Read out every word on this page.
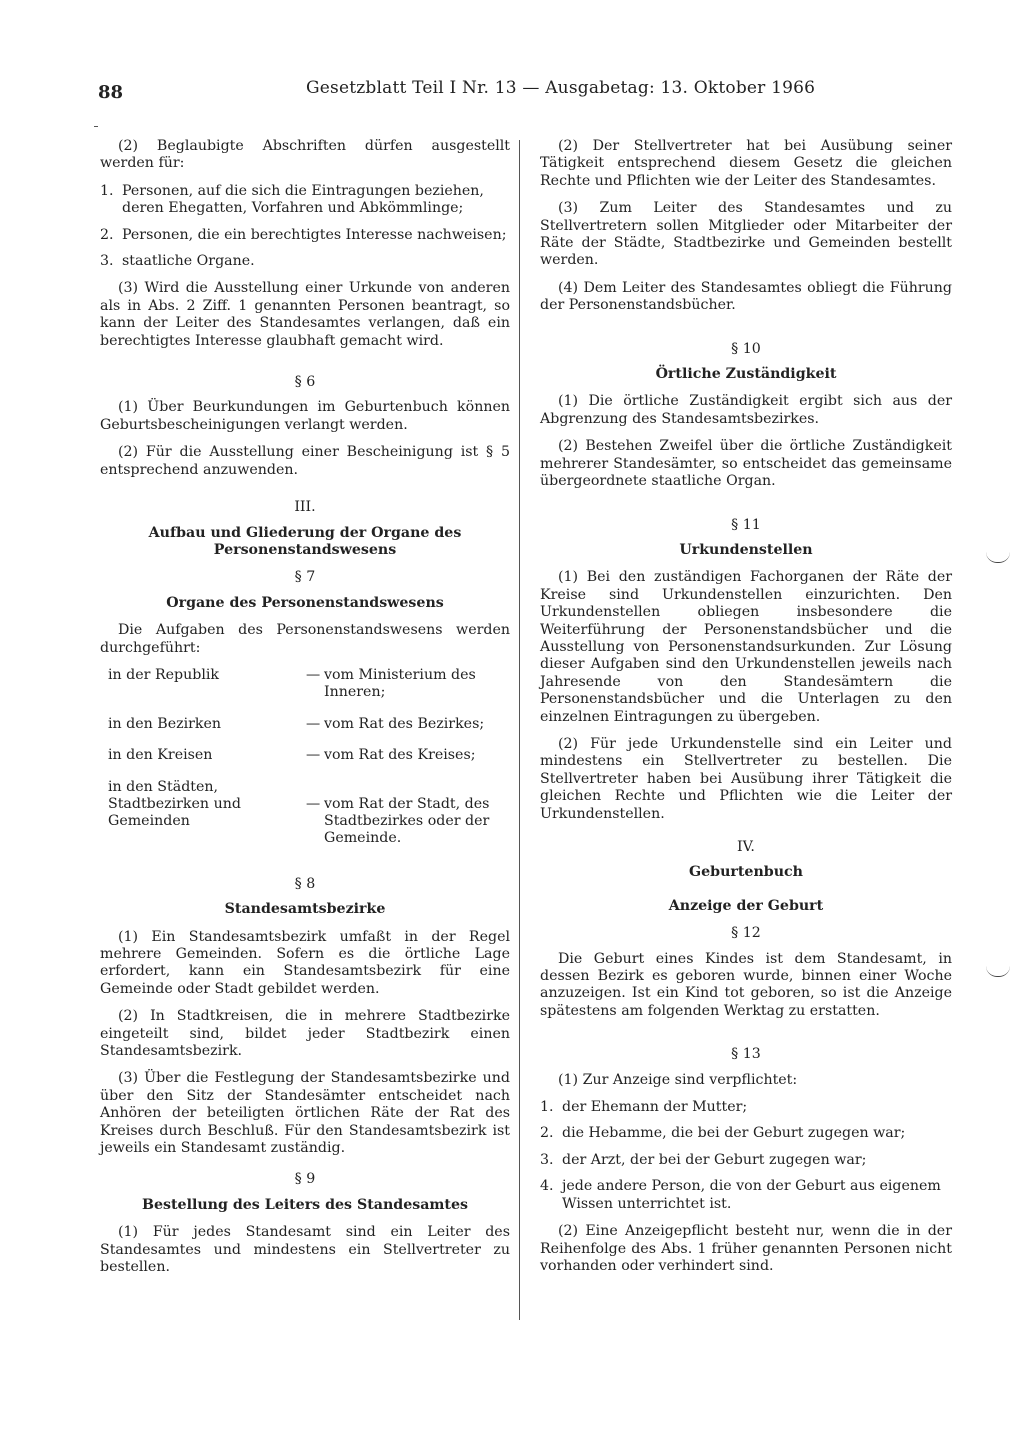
88	Gesetzblatt Teil I Nr. 13 — Ausgabetag: 13. Oktober 1966

(2) Beglaubigte Abschriften dürfen ausgestellt werden für:

1. Personen, auf die sich die Eintragungen beziehen, deren Ehegatten, Vorfahren und Abkömmlinge;
2. Personen, die ein berechtigtes Interesse nachweisen;
3. staatliche Organe.

(3) Wird die Ausstellung einer Urkunde von anderen als in Abs. 2 Ziff. 1 genannten Personen beantragt, so kann der Leiter des Standesamtes verlangen, daß ein berechtigtes Interesse glaubhaft gemacht wird.

§ 6

(1) Über Beurkundungen im Geburtenbuch können Geburtsbescheinigungen verlangt werden.

(2) Für die Ausstellung einer Bescheinigung ist § 5 entsprechend anzuwenden.

III.
Aufbau und Gliederung der Organe des Personenstandswesens
§ 7
Organe des Personenstandswesens

Die Aufgaben des Personenstandswesens werden durchgeführt:

in der Republik	—	vom Ministerium des Inneren;
in den Bezirken	—	vom Rat des Bezirkes;
in den Kreisen	—	vom Rat des Kreises;
in den Städten, Stadtbezirken und Gemeinden	—	vom Rat der Stadt, des Stadtbezirkes oder der Gemeinde.
§ 8
Standesamtsbezirke

(1) Ein Standesamtsbezirk umfaßt in der Regel mehrere Gemeinden. Sofern es die örtliche Lage erfordert, kann ein Standesamtsbezirk für eine Gemeinde oder Stadt gebildet werden.

(2) In Stadtkreisen, die in mehrere Stadtbezirke eingeteilt sind, bildet jeder Stadtbezirk einen Standesamtsbezirk.

(3) Über die Festlegung der Standesamtsbezirke und über den Sitz der Standesämter entscheidet nach Anhören der beteiligten örtlichen Räte der Rat des Kreises durch Beschluß. Für den Standesamtsbezirk ist jeweils ein Standesamt zuständig.

§ 9
Bestellung des Leiters des Standesamtes

(1) Für jedes Standesamt sind ein Leiter des Standesamtes und mindestens ein Stellvertreter zu bestellen.

(2) Der Stellvertreter hat bei Ausübung seiner Tätigkeit entsprechend diesem Gesetz die gleichen Rechte und Pflichten wie der Leiter des Standesamtes.

(3) Zum Leiter des Standesamtes und zu Stellvertretern sollen Mitglieder oder Mitarbeiter der Räte der Städte, Stadtbezirke und Gemeinden bestellt werden.

(4) Dem Leiter des Standesamtes obliegt die Führung der Personenstandsbücher.

§ 10
Örtliche Zuständigkeit

(1) Die örtliche Zuständigkeit ergibt sich aus der Abgrenzung des Standesamtsbezirkes.

(2) Bestehen Zweifel über die örtliche Zuständigkeit mehrerer Standesämter, so entscheidet das gemeinsame übergeordnete staatliche Organ.

§ 11
Urkundenstellen

(1) Bei den zuständigen Fachorganen der Räte der Kreise sind Urkundenstellen einzurichten. Den Urkundenstellen obliegen insbesondere die Weiterführung der Personenstandsbücher und die Ausstellung von Personenstandsurkunden. Zur Lösung dieser Aufgaben sind den Urkundenstellen jeweils nach Jahresende von den Standesämtern die Personenstandsbücher und die Unterlagen zu den einzelnen Eintragungen zu übergeben.

(2) Für jede Urkundenstelle sind ein Leiter und mindestens ein Stellvertreter zu bestellen. Die Stellvertreter haben bei Ausübung ihrer Tätigkeit die gleichen Rechte und Pflichten wie die Leiter der Urkundenstellen.

IV.
Geburtenbuch
Anzeige der Geburt
§ 12

Die Geburt eines Kindes ist dem Standesamt, in dessen Bezirk es geboren wurde, binnen einer Woche anzuzeigen. Ist ein Kind tot geboren, so ist die Anzeige spätestens am folgenden Werktag zu erstatten.

§ 13

(1) Zur Anzeige sind verpflichtet:

1. der Ehemann der Mutter;
2. die Hebamme, die bei der Geburt zugegen war;
3. der Arzt, der bei der Geburt zugegen war;
4. jede andere Person, die von der Geburt aus eigenem Wissen unterrichtet ist.

(2) Eine Anzeigepflicht besteht nur, wenn die in der Reihenfolge des Abs. 1 früher genannten Personen nicht vorhanden oder verhindert sind.
